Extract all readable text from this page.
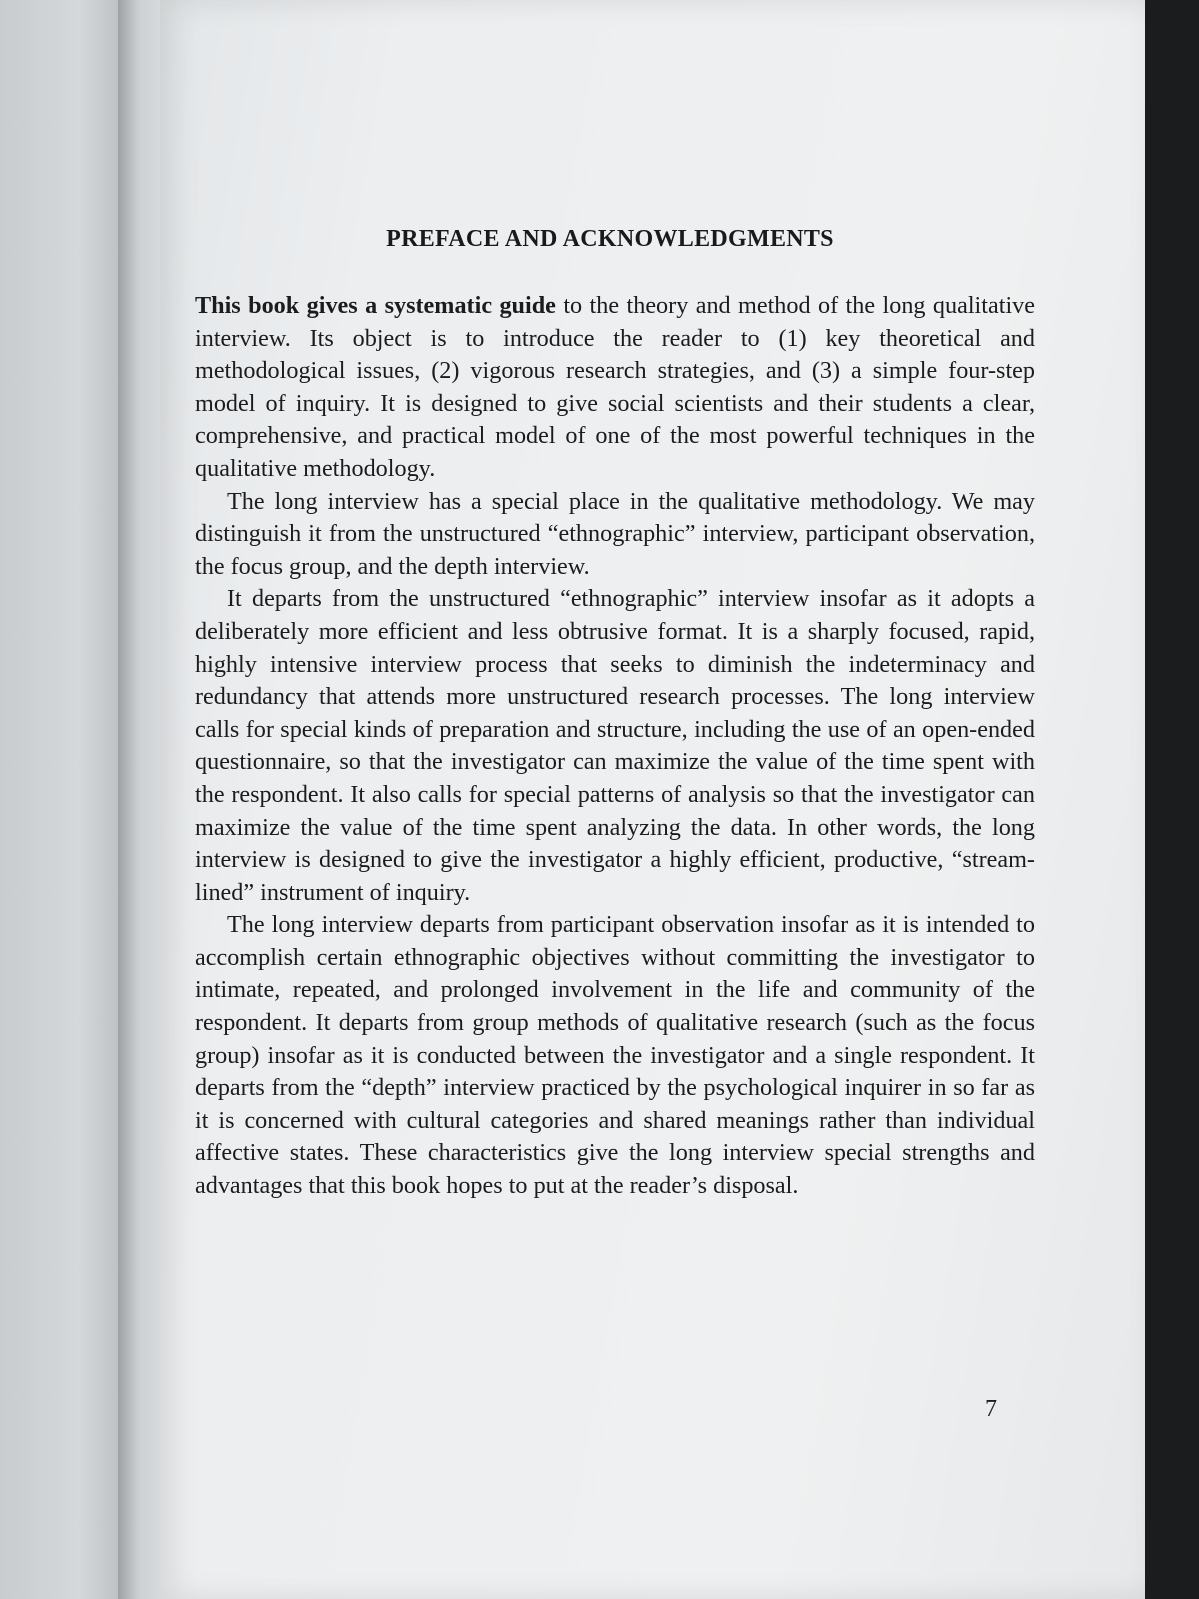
PREFACE AND ACKNOWLEDGMENTS

This book gives a systematic guide to the theory and method of the long qualitative interview. Its object is to introduce the reader to (1) key theoretical and methodological issues, (2) vigorous research strategies, and (3) a simple four-step model of inquiry. It is designed to give social scientists and their students a clear, comprehensive, and practical model of one of the most powerful techniques in the qualitative methodology.

The long interview has a special place in the qualitative methodology. We may distinguish it from the unstructured “ethnographic” interview, participant observation, the focus group, and the depth interview.

It departs from the unstructured “ethnographic” interview insofar as it adopts a deliberately more efficient and less obtrusive format. It is a sharply focused, rapid, highly intensive interview process that seeks to diminish the indeterminacy and redundancy that attends more unstructured research processes. The long interview calls for special kinds of preparation and structure, including the use of an open-ended questionnaire, so that the investigator can maximize the value of the time spent with the respondent. It also calls for special patterns of analysis so that the investigator can maximize the value of the time spent analyzing the data. In other words, the long interview is designed to give the investigator a highly efficient, productive, “stream-lined” instrument of inquiry.

The long interview departs from participant observation insofar as it is intended to accomplish certain ethnographic objectives without committing the investigator to intimate, repeated, and prolonged involvement in the life and community of the respondent. It departs from group methods of qualitative research (such as the focus group) insofar as it is conducted between the investigator and a single respondent. It departs from the “depth” interview practiced by the psychological inquirer in so far as it is concerned with cultural categories and shared meanings rather than individual affective states. These characteristics give the long interview special strengths and advantages that this book hopes to put at the reader’s disposal.

7
